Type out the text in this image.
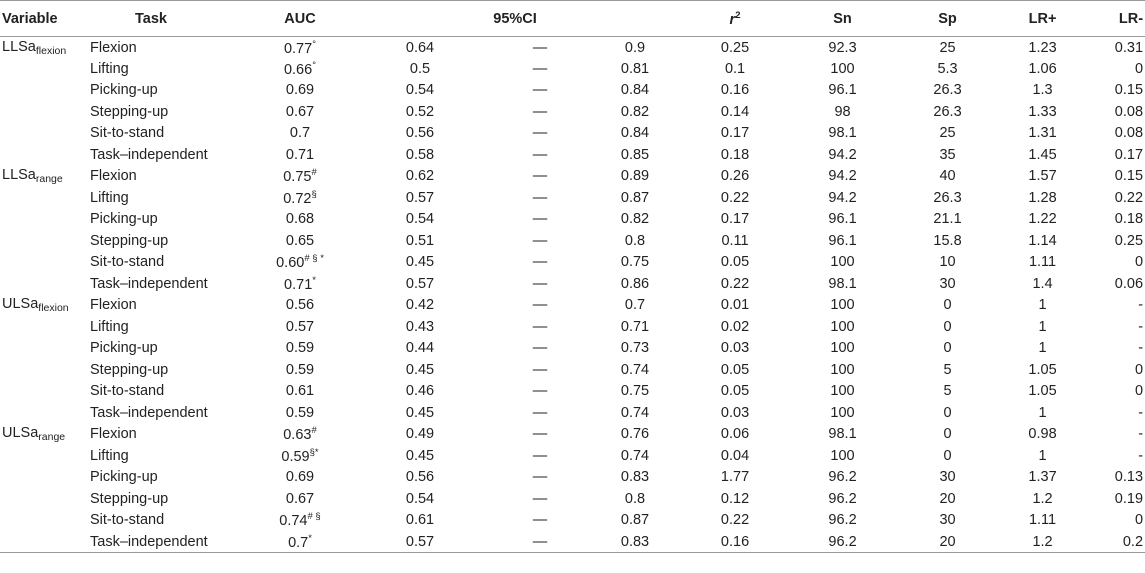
Variable	Task	AUC	95%CI			$r^2$	Sn	Sp	LR+	LR-
LLSa$_{flexion}$	Flexion	0.77°	0.64	—	0.9	0.25	92.3	25	1.23	0.31
	Lifting	0.66°	0.5	—	0.81	0.1	100	5.3	1.06	0
	Picking-up	0.69	0.54	—	0.84	0.16	96.1	26.3	1.3	0.15
	Stepping-up	0.67	0.52	—	0.82	0.14	98	26.3	1.33	0.08
	Sit-to-stand	0.7	0.56	—	0.84	0.17	98.1	25	1.31	0.08
	Task–independent	0.71	0.58	—	0.85	0.18	94.2	35	1.45	0.17
LLSa$_{range}$	Flexion	0.75#	0.62	—	0.89	0.26	94.2	40	1.57	0.15
	Lifting	0.72§	0.57	—	0.87	0.22	94.2	26.3	1.28	0.22
	Picking-up	0.68	0.54	—	0.82	0.17	96.1	21.1	1.22	0.18
	Stepping-up	0.65	0.51	—	0.8	0.11	96.1	15.8	1.14	0.25
	Sit-to-stand	0.60# § *	0.45	—	0.75	0.05	100	10	1.11	0
	Task–independent	0.71*	0.57	—	0.86	0.22	98.1	30	1.4	0.06
ULSa$_{flexion}$	Flexion	0.56	0.42	—	0.7	0.01	100	0	1	-
	Lifting	0.57	0.43	—	0.71	0.02	100	0	1	-
	Picking-up	0.59	0.44	—	0.73	0.03	100	0	1	-
	Stepping-up	0.59	0.45	—	0.74	0.05	100	5	1.05	0
	Sit-to-stand	0.61	0.46	—	0.75	0.05	100	5	1.05	0
	Task–independent	0.59	0.45	—	0.74	0.03	100	0	1	-
ULSa$_{range}$	Flexion	0.63#	0.49	—	0.76	0.06	98.1	0	0.98	-
	Lifting	0.59§*	0.45	—	0.74	0.04	100	0	1	-
	Picking-up	0.69	0.56	—	0.83	1.77	96.2	30	1.37	0.13
	Stepping-up	0.67	0.54	—	0.8	0.12	96.2	20	1.2	0.19
	Sit-to-stand	0.74# §	0.61	—	0.87	0.22	96.2	30	1.11	0
	Task–independent	0.7*	0.57	—	0.83	0.16	96.2	20	1.2	0.2
